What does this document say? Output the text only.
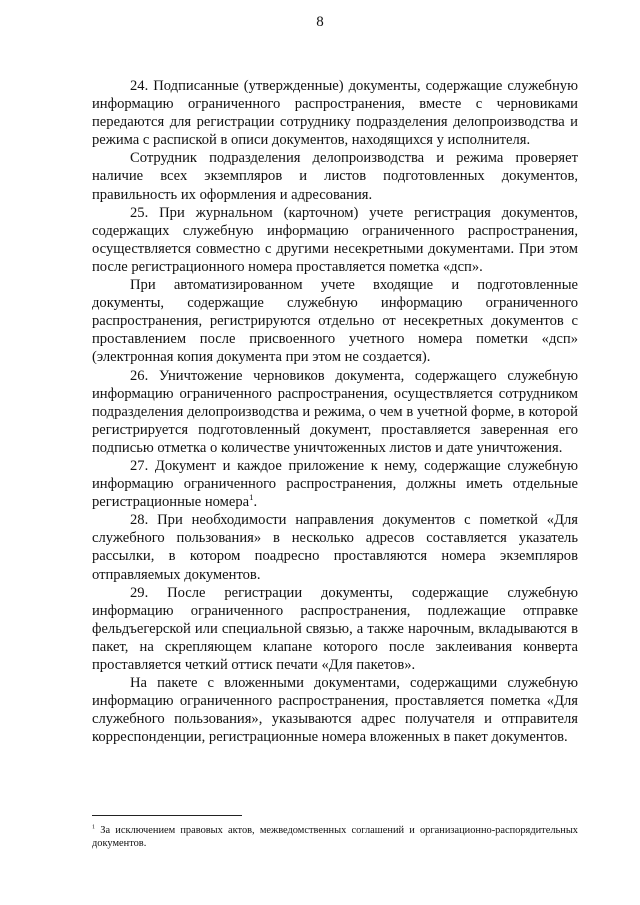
8

24. Подписанные (утвержденные) документы, содержащие служебную информацию ограниченного распространения, вместе с черновиками передаются для регистрации сотруднику подразделения делопроизводства и режима с распиской в описи документов, находящихся у исполнителя.

Сотрудник подразделения делопроизводства и режима проверяет наличие всех экземпляров и листов подготовленных документов, правильность их оформления и адресования.

25. При журнальном (карточном) учете регистрация документов, содержащих служебную информацию ограниченного распространения, осуществляется совместно с другими несекретными документами. При этом после регистрационного номера проставляется пометка «дсп».

При автоматизированном учете входящие и подготовленные документы, содержащие служебную информацию ограниченного распространения, регистрируются отдельно от несекретных документов с проставлением после присвоенного учетного номера пометки «дсп» (электронная копия документа при этом не создается).

26. Уничтожение черновиков документа, содержащего служебную информацию ограниченного распространения, осуществляется сотрудником подразделения делопроизводства и режима, о чем в учетной форме, в которой регистрируется подготовленный документ, проставляется заверенная его подписью отметка о количестве уничтоженных листов и дате уничтожения.

27. Документ и каждое приложение к нему, содержащие служебную информацию ограниченного распространения, должны иметь отдельные регистрационные номера$^1$.

28. При необходимости направления документов с пометкой «Для служебного пользования» в несколько адресов составляется указатель рассылки, в котором поадресно проставляются номера экземпляров отправляемых документов.

29. После регистрации документы, содержащие служебную информацию ограниченного распространения, подлежащие отправке фельдъегерской или специальной связью, а также нарочным, вкладываются в пакет, на скрепляющем клапане которого после заклеивания конверта проставляется четкий оттиск печати «Для пакетов».

На пакете с вложенными документами, содержащими служебную информацию ограниченного распространения, проставляется пометка «Для служебного пользования», указываются адрес получателя и отправителя корреспонденции, регистрационные номера вложенных в пакет документов.

$^1$ За исключением правовых актов, межведомственных соглашений и организационно-распорядительных документов.
